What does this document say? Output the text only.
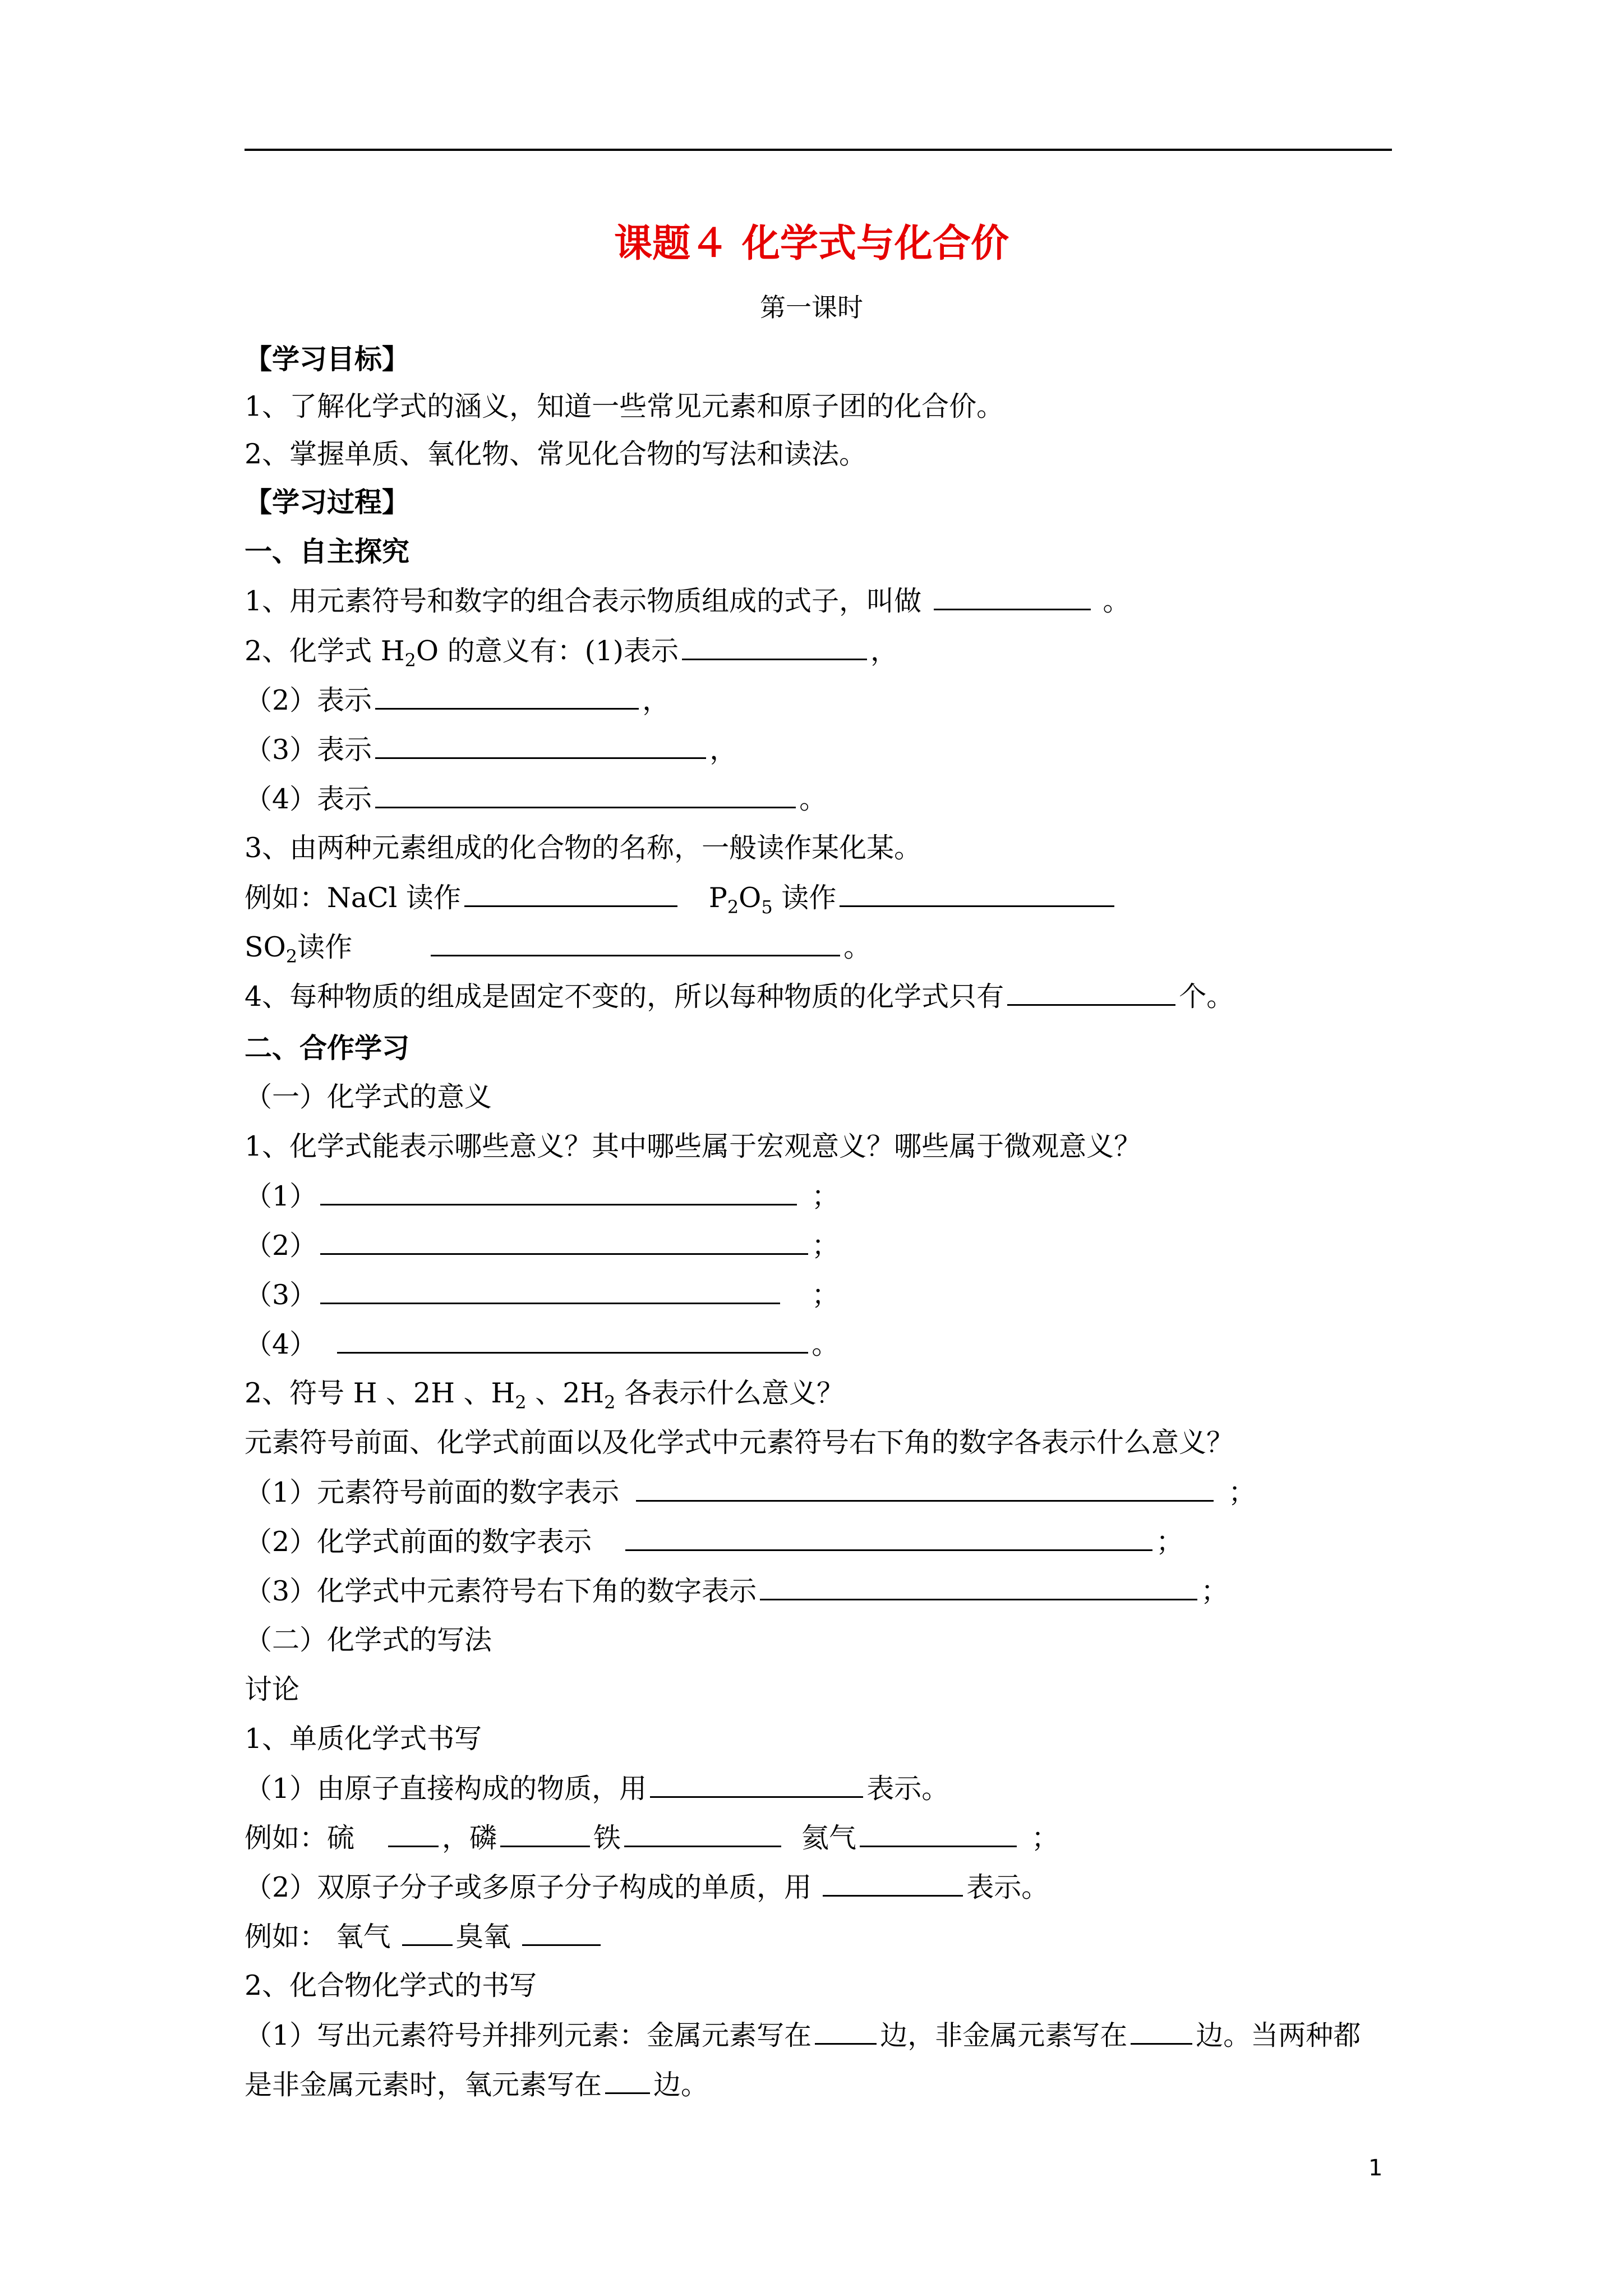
课题４ 化学式与化合价
第一课时
【学习目标】
1、了解化学式的涵义，知道一些常见元素和原子团的化合价。
2、掌握单质、氧化物、常见化合物的写法和读法。
【学习过程】
一、自主探究
1、用元素符号和数字的组合表示物质组成的式子，叫做	。
2、化学式 $H_2O$ 的意义有：(1)表示	，
（2）表示	，
（3）表示	，
（4）表示	。
3、由两种元素组成的化合物的名称，一般读作某化某。
例如：NaCl 读作	$P_2O_5$ 读作
$SO_2$读作	。
4、每种物质的组成是固定不变的，所以每种物质的化学式只有	个。
二、合作学习
（一）化学式的意义
1、化学式能表示哪些意义？其中哪些属于宏观意义？哪些属于微观意义？
（1）	；
（2）	；
（3）	；
（4）	。
2、符号 H 、2H 、$H_2$ 、$2H_2$ 各表示什么意义？
元素符号前面、化学式前面以及化学式中元素符号右下角的数字各表示什么意义？
（1）元素符号前面的数字表示	；
（2）化学式前面的数字表示	；
（3）化学式中元素符号右下角的数字表示	；
（二）化学式的写法
讨论
1、单质化学式书写
（1）由原子直接构成的物质，用	表示。
例如：硫	，磷	铁	氦气	；
（2）双原子分子或多原子分子构成的单质，用	表示。
例如： 氧气 臭氧
2、化合物化学式的书写
（1）写出元素符号并排列元素：金属元素写在 边，非金属元素写在 边。当两种都
是非金属元素时，氧元素写在 边。
1
